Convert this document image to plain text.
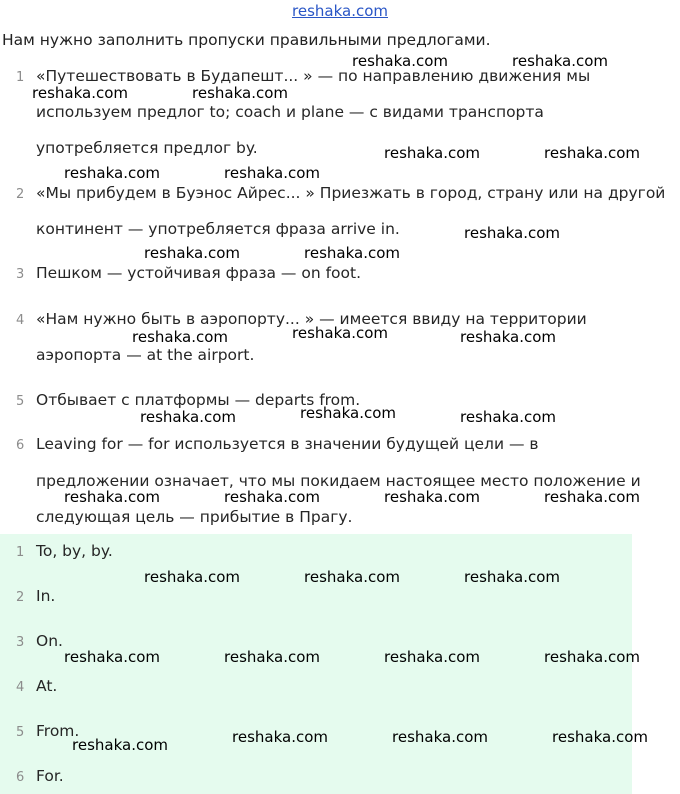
reshaka.com
Нам нужно заполнить пропуски правильными предлогами.
1 «Путешествовать в Будапешт... » — по направлению движения мы
используем предлог to; coach и plane — с видами транспорта
употребляется предлог by.
2 «Мы прибудем в Буэнос Айрес... » Приезжать в город, страну или на другой
континент — употребляется фраза arrive in.
3 Пешком — устойчивая фраза — on foot.
4 «Нам нужно быть в аэропорту... » — имеется ввиду на территории
аэропорта — at the airport.
5 Отбывает с платформы — departs from.
6 Leaving for — for используется в значении будущей цели — в
предложении означает, что мы покидаем настоящее место положение и
следующая цель — прибытие в Прагу.
1 To, by, by.
2 In.
3 On.
4 At.
5 From.
6 For.
reshaka.com	reshaka.com
reshaka.com	reshaka.com
reshaka.com	reshaka.com
reshaka.com	reshaka.com
reshaka.com
reshaka.com	reshaka.com
reshaka.com
reshaka.com	reshaka.com
reshaka.com
reshaka.com	reshaka.com
reshaka.com	reshaka.com	reshaka.com	reshaka.com
reshaka.com	reshaka.com	reshaka.com
reshaka.com	reshaka.com	reshaka.com	reshaka.com
reshaka.com	reshaka.com	reshaka.com	reshaka.com
